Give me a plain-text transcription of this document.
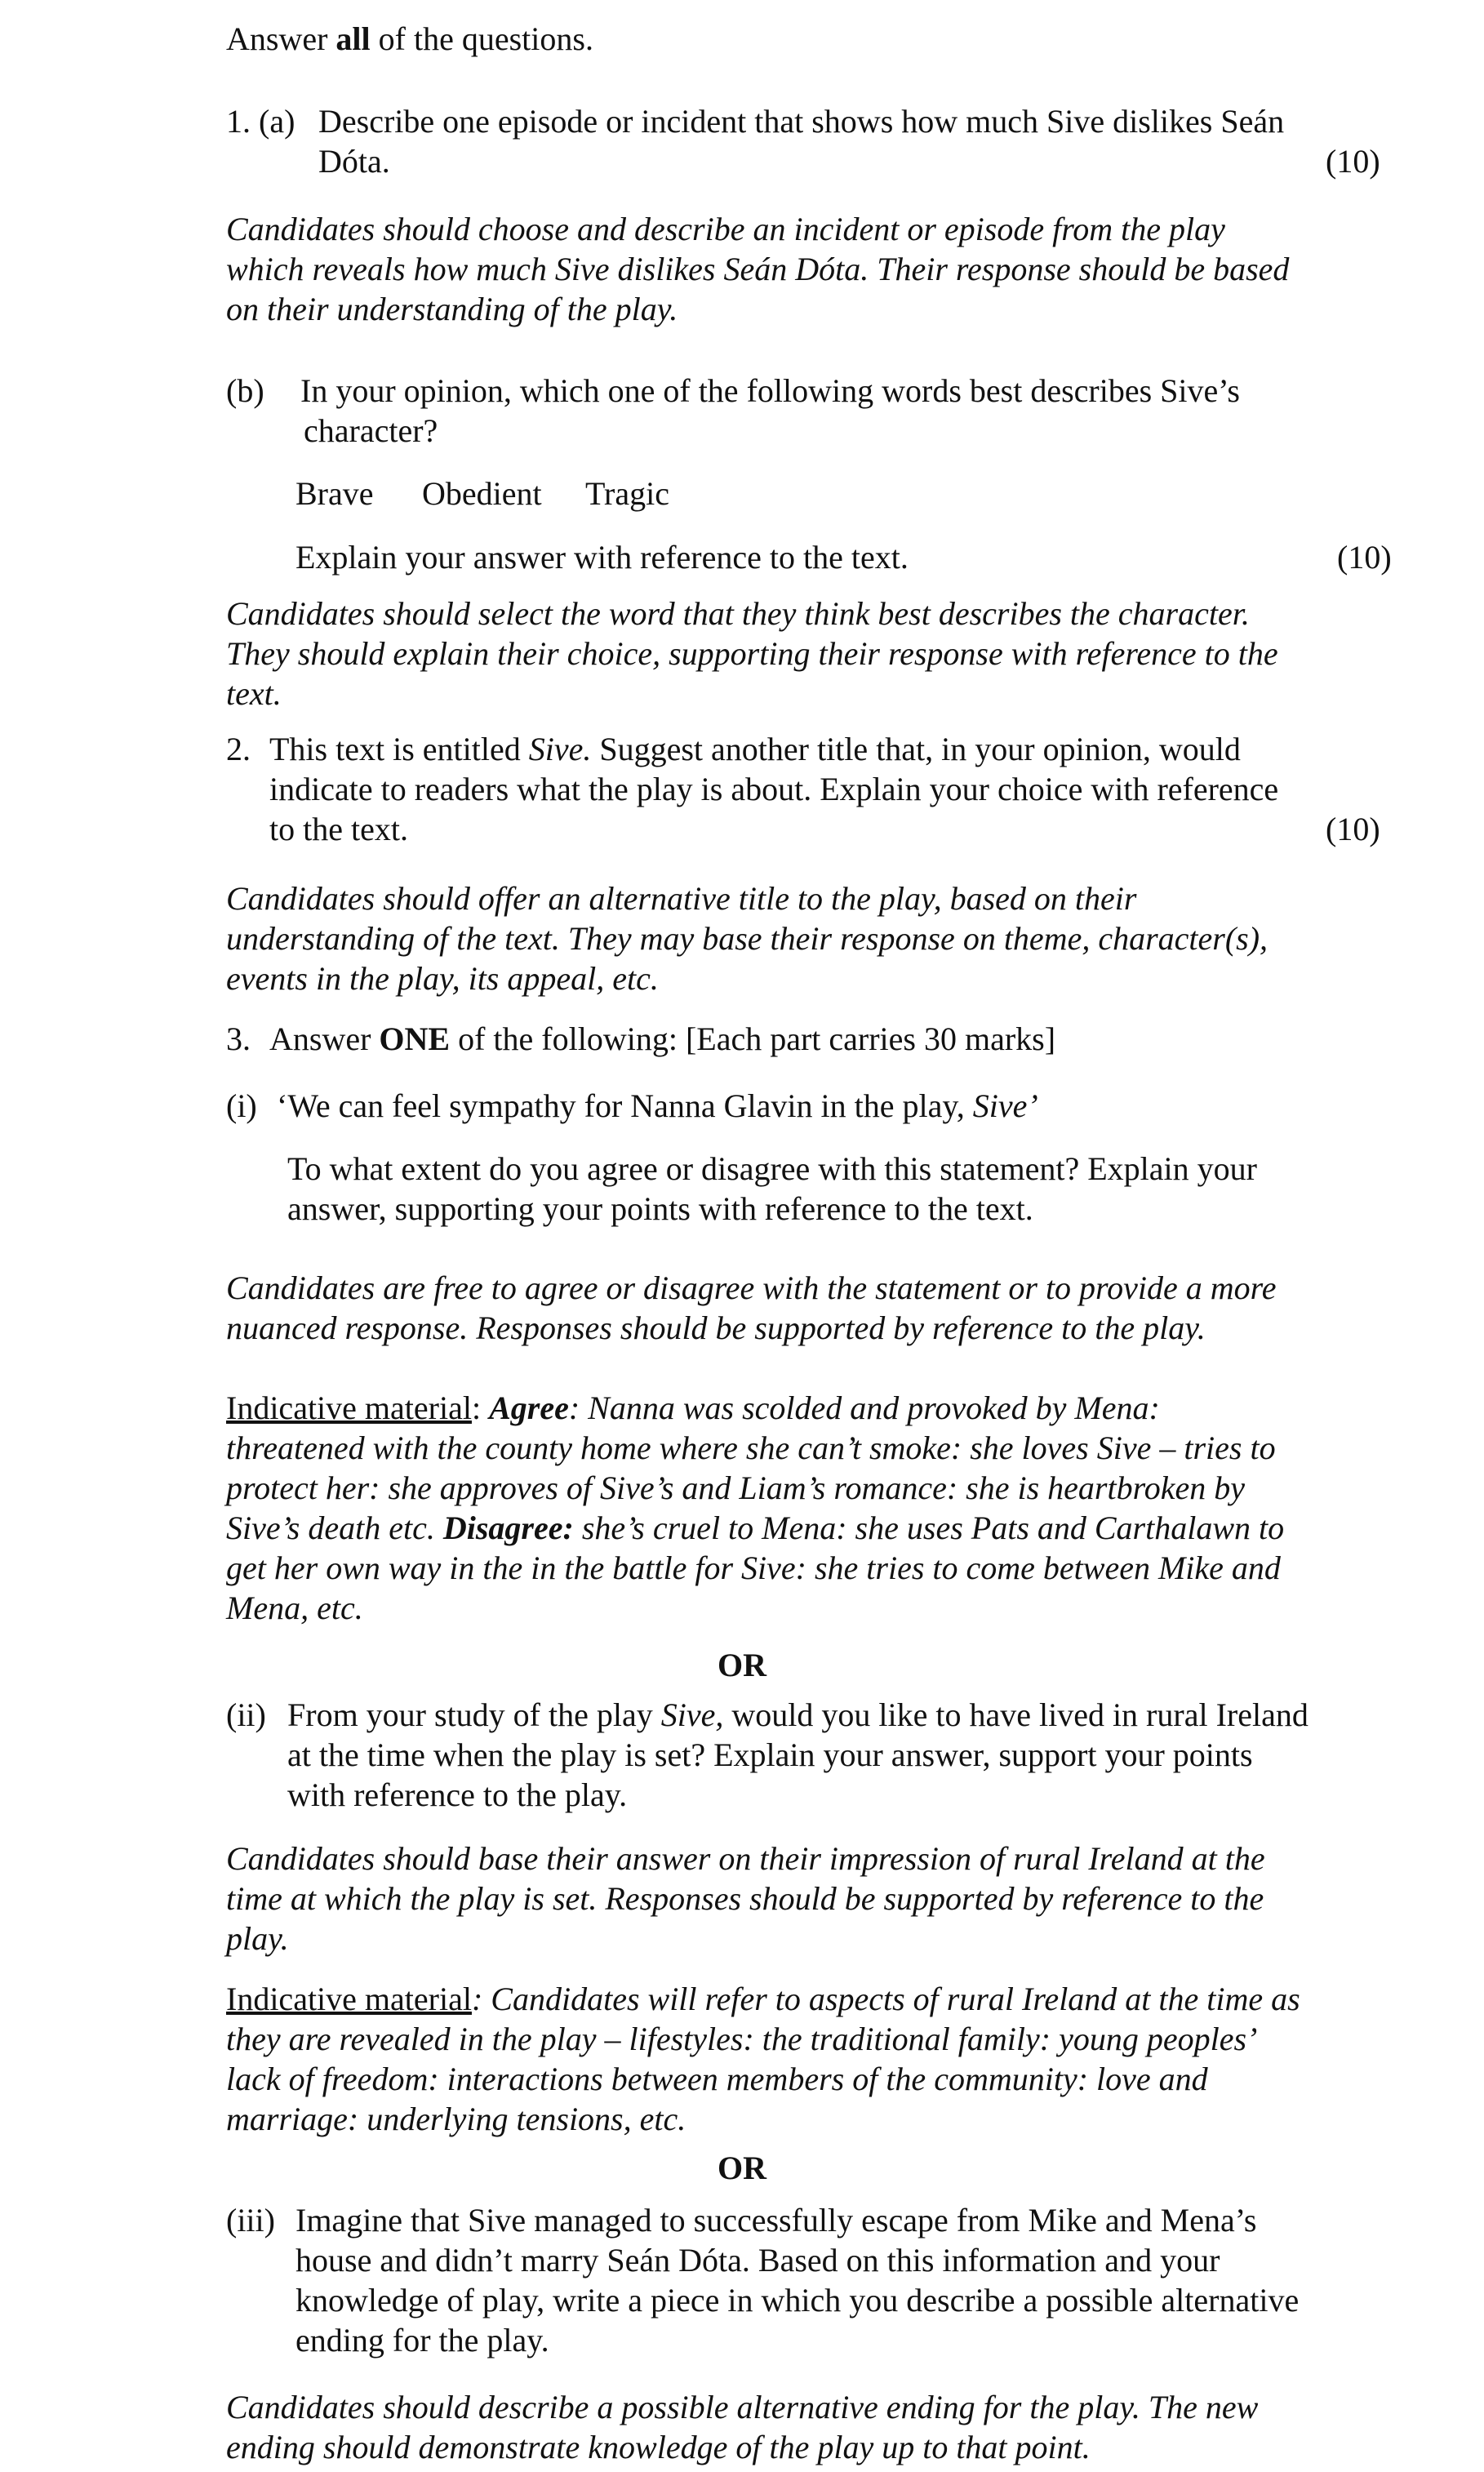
Answer all of the questions.
1. (a) Describe one episode or incident that shows how much Sive dislikes Seán
Dóta.	(10)
Candidates should choose and describe an incident or episode from the play
which reveals how much Sive dislikes Seán Dóta. Their response should be based
on their understanding of the play.
(b) In your opinion, which one of the following words best describes Sive’s
character?
Brave Obedient Tragic
Explain your answer with reference to the text.	(10)
Candidates should select the word that they think best describes the character.
They should explain their choice, supporting their response with reference to the
text.
2. This text is entitled Sive. Suggest another title that, in your opinion, would
indicate to readers what the play is about. Explain your choice with reference
to the text.	(10)
Candidates should offer an alternative title to the play, based on their
understanding of the text. They may base their response on theme, character(s),
events in the play, its appeal, etc.
3. Answer ONE of the following: [Each part carries 30 marks]
(i) ‘We can feel sympathy for Nanna Glavin in the play, Sive’
To what extent do you agree or disagree with this statement? Explain your
answer, supporting your points with reference to the text.
Candidates are free to agree or disagree with the statement or to provide a more
nuanced response. Responses should be supported by reference to the play.
Indicative material: Agree: Nanna was scolded and provoked by Mena:
threatened with the county home where she can’t smoke: she loves Sive – tries to
protect her: she approves of Sive’s and Liam’s romance: she is heartbroken by
Sive’s death etc. Disagree: she’s cruel to Mena: she uses Pats and Carthalawn to
get her own way in the in the battle for Sive: she tries to come between Mike and
Mena, etc.
OR
(ii) From your study of the play Sive, would you like to have lived in rural Ireland
at the time when the play is set? Explain your answer, support your points
with reference to the play.
Candidates should base their answer on their impression of rural Ireland at the
time at which the play is set. Responses should be supported by reference to the
play.
Indicative material: Candidates will refer to aspects of rural Ireland at the time as
they are revealed in the play – lifestyles: the traditional family: young peoples’
lack of freedom: interactions between members of the community: love and
marriage: underlying tensions, etc.
OR
(iii) Imagine that Sive managed to successfully escape from Mike and Mena’s
house and didn’t marry Seán Dóta. Based on this information and your
knowledge of play, write a piece in which you describe a possible alternative
ending for the play.
Candidates should describe a possible alternative ending for the play. The new
ending should demonstrate knowledge of the play up to that point.
